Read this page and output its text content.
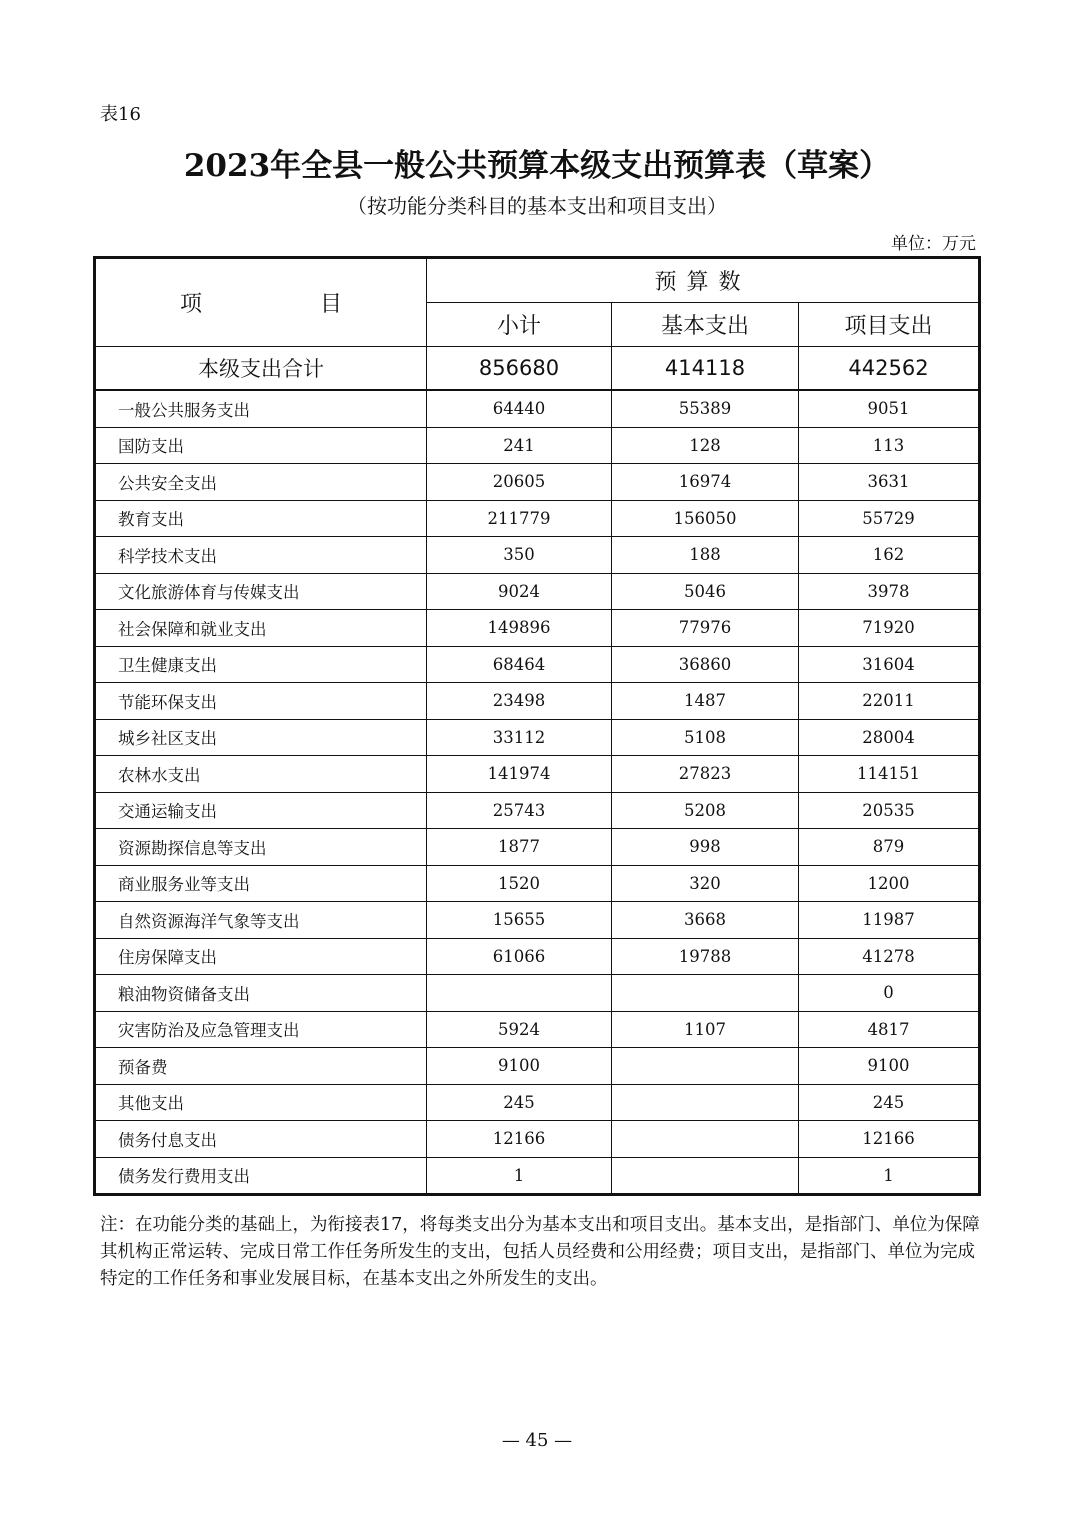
表16
2023年全县一般公共预算本级支出预算表（草案）
（按功能分类科目的基本支出和项目支出）
单位：万元
项 目	预算数		
	小计	基本支出	项目支出
本级支出合计	856680	414118	442562
一般公共服务支出	64440	55389	9051
国防支出	241	128	113
公共安全支出	20605	16974	3631
教育支出	211779	156050	55729
科学技术支出	350	188	162
文化旅游体育与传媒支出	9024	5046	3978
社会保障和就业支出	149896	77976	71920
卫生健康支出	68464	36860	31604
节能环保支出	23498	1487	22011
城乡社区支出	33112	5108	28004
农林水支出	141974	27823	114151
交通运输支出	25743	5208	20535
资源勘探信息等支出	1877	998	879
商业服务业等支出	1520	320	1200
自然资源海洋气象等支出	15655	3668	11987
住房保障支出	61066	19788	41278
粮油物资储备支出			0
灾害防治及应急管理支出	5924	1107	4817
预备费	9100		9100
其他支出	245		245
债务付息支出	12166		12166
债务发行费用支出	1		1
注：在功能分类的基础上，为衔接表17，将每类支出分为基本支出和项目支出。基本支出，是指部门、单位为保障其机构正常运转、完成日常工作任务所发生的支出，包括人员经费和公用经费；项目支出，是指部门、单位为完成特定的工作任务和事业发展目标，在基本支出之外所发生的支出。
— 45 —
